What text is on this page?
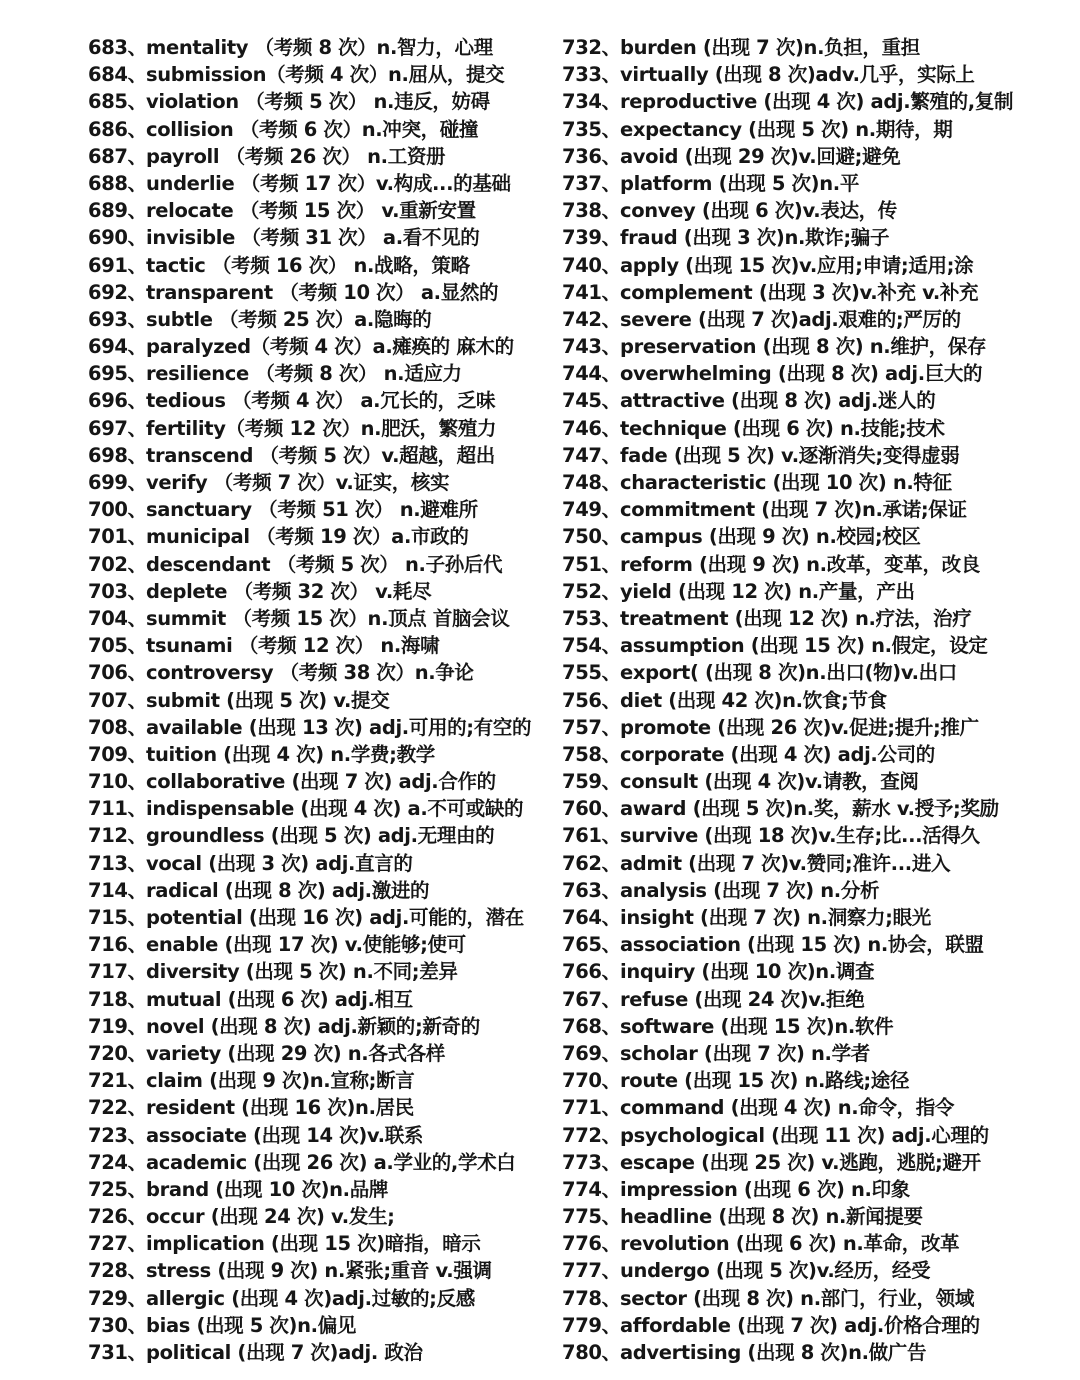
683、mentality （考频 8 次）n.智力，心理
684、submission（考频 4 次）n.屈从，提交
685、violation （考频 5 次） n.违反，妨碍
686、collision （考频 6 次）n.冲突，碰撞
687、payroll （考频 26 次） n.工资册
688、underlie （考频 17 次）v.构成...的基础
689、relocate （考频 15 次） v.重新安置
690、invisible （考频 31 次） a.看不见的
691、tactic （考频 16 次） n.战略，策略
692、transparent （考频 10 次） a.显然的
693、subtle （考频 25 次）a.隐晦的
694、paralyzed（考频 4 次）a.瘫痪的 麻木的
695、resilience （考频 8 次） n.适应力
696、tedious （考频 4 次） a.冗长的，乏味
697、fertility（考频 12 次）n.肥沃，繁殖力
698、transcend （考频 5 次）v.超越，超出
699、verify （考频 7 次）v.证实，核实
700、sanctuary （考频 51 次） n.避难所
701、municipal （考频 19 次）a.市政的
702、descendant （考频 5 次） n.子孙后代
703、deplete （考频 32 次） v.耗尽
704、summit （考频 15 次）n.顶点 首脑会议
705、tsunami （考频 12 次） n.海啸
706、controversy （考频 38 次）n.争论
707、submit (出现 5 次) v.提交
708、available (出现 13 次) adj.可用的;有空的
709、tuition (出现 4 次) n.学费;教学
710、collaborative (出现 7 次) adj.合作的
711、indispensable (出现 4 次) a.不可或缺的
712、groundless (出现 5 次) adj.无理由的
713、vocal (出现 3 次) adj.直言的
714、radical (出现 8 次) adj.激进的
715、potential (出现 16 次) adj.可能的，潜在
716、enable (出现 17 次) v.使能够;使可
717、diversity (出现 5 次) n.不同;差异
718、mutual (出现 6 次) adj.相互
719、novel (出现 8 次) adj.新颖的;新奇的
720、variety (出现 29 次) n.各式各样
721、claim (出现 9 次)n.宣称;断言
722、resident (出现 16 次)n.居民
723、associate (出现 14 次)v.联系
724、academic (出现 26 次) a.学业的,学术白
725、brand (出现 10 次)n.品牌
726、occur (出现 24 次) v.发生;
727、implication (出现 15 次)暗指，暗示
728、stress (出现 9 次) n.紧张;重音 v.强调
729、allergic (出现 4 次)adj.过敏的;反感
730、bias (出现 5 次)n.偏见
731、political (出现 7 次)adj. 政治
732、burden (出现 7 次)n.负担，重担
733、virtually (出现 8 次)adv.几乎，实际上
734、reproductive (出现 4 次) adj.繁殖的,复制
735、expectancy (出现 5 次) n.期待，期
736、avoid (出现 29 次)v.回避;避免
737、platform (出现 5 次)n.平
738、convey (出现 6 次)v.表达，传
739、fraud (出现 3 次)n.欺诈;骗子
740、apply (出现 15 次)v.应用;申请;适用;涂
741、complement (出现 3 次)v.补充 v.补充
742、severe (出现 7 次)adj.艰难的;严厉的
743、preservation (出现 8 次) n.维护，保存
744、overwhelming (出现 8 次) adj.巨大的
745、attractive (出现 8 次) adj.迷人的
746、technique (出现 6 次) n.技能;技术
747、fade (出现 5 次) v.逐渐消失;变得虚弱
748、characteristic (出现 10 次) n.特征
749、commitment (出现 7 次)n.承诺;保证
750、campus (出现 9 次) n.校园;校区
751、reform (出现 9 次) n.改革，变革，改良
752、yield (出现 12 次) n.产量，产出
753、treatment (出现 12 次) n.疗法，治疗
754、assumption (出现 15 次) n.假定，设定
755、export( (出现 8 次)n.出口(物)v.出口
756、diet (出现 42 次)n.饮食;节食
757、promote (出现 26 次)v.促进;提升;推广
758、corporate (出现 4 次) adj.公司的
759、consult (出现 4 次)v.请教，查阅
760、award (出现 5 次)n.奖，薪水 v.授予;奖励
761、survive (出现 18 次)v.生存;比...活得久
762、admit (出现 7 次)v.赞同;准许...进入
763、analysis (出现 7 次) n.分析
764、insight (出现 7 次) n.洞察力;眼光
765、association (出现 15 次) n.协会，联盟
766、inquiry (出现 10 次)n.调查
767、refuse (出现 24 次)v.拒绝
768、software (出现 15 次)n.软件
769、scholar (出现 7 次) n.学者
770、route (出现 15 次) n.路线;途径
771、command (出现 4 次) n.命令，指令
772、psychological (出现 11 次) adj.心理的
773、escape (出现 25 次) v.逃跑，逃脱;避开
774、impression (出现 6 次) n.印象
775、headline (出现 8 次) n.新闻提要
776、revolution (出现 6 次) n.革命，改革
777、undergo (出现 5 次)v.经历，经受
778、sector (出现 8 次) n.部门，行业，领域
779、affordable (出现 7 次) adj.价格合理的
780、advertising (出现 8 次)n.做广告
